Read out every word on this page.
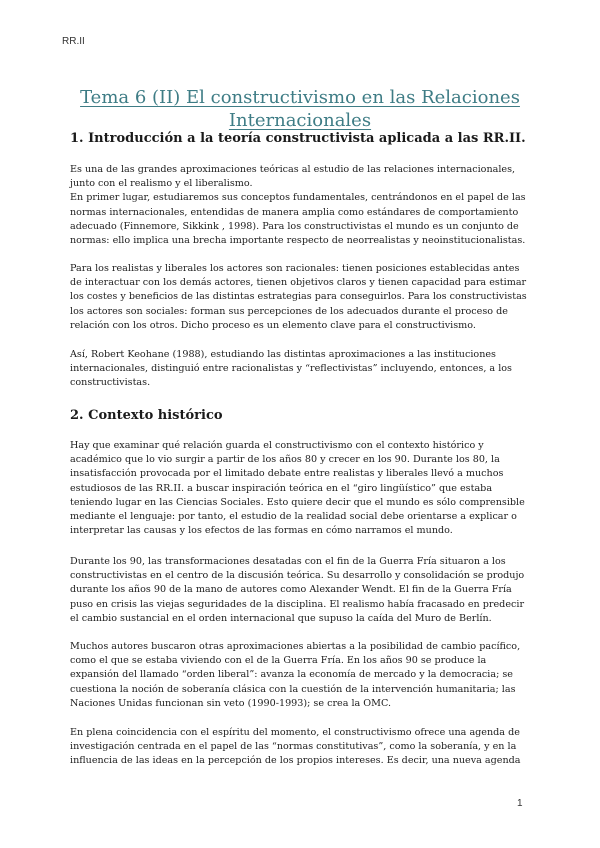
RR.II
Tema 6 (II) El constructivismo en las Relaciones
Internacionales
1. Introducción a la teoría constructivista aplicada a las RR.II.

Es una de las grandes aproximaciones teóricas al estudio de las relaciones internacionales,
junto con el realismo y el liberalismo.
En primer lugar, estudiaremos sus conceptos fundamentales, centrándonos en el papel de las
normas internacionales, entendidas de manera amplia como estándares de comportamiento
adecuado (Finnemore, Sikkink , 1998). Para los constructivistas el mundo es un conjunto de
normas: ello implica una brecha importante respecto de neorrealistas y neoinstitucionalistas.

Para los realistas y liberales los actores son racionales: tienen posiciones establecidas antes
de interactuar con los demás actores, tienen objetivos claros y tienen capacidad para estimar
los costes y beneficios de las distintas estrategias para conseguirlos. Para los constructivistas
los actores son sociales: forman sus percepciones de los adecuados durante el proceso de
relación con los otros. Dicho proceso es un elemento clave para el constructivismo.

Así, Robert Keohane (1988), estudiando las distintas aproximaciones a las instituciones
internacionales, distinguió entre racionalistas y “reflectivistas” incluyendo, entonces, a los
constructivistas.

2. Contexto histórico

Hay que examinar qué relación guarda el constructivismo con el contexto histórico y
académico que lo vio surgir a partir de los años 80 y crecer en los 90. Durante los 80, la
insatisfacción provocada por el limitado debate entre realistas y liberales llevó a muchos
estudiosos de las RR.II. a buscar inspiración teórica en el “giro lingüístico” que estaba
teniendo lugar en las Ciencias Sociales. Esto quiere decir que el mundo es sólo comprensible
mediante el lenguaje: por tanto, el estudio de la realidad social debe orientarse a explicar o
interpretar las causas y los efectos de las formas en cómo narramos el mundo.

Durante los 90, las transformaciones desatadas con el fin de la Guerra Fría situaron a los
constructivistas en el centro de la discusión teórica. Su desarrollo y consolidación se produjo
durante los años 90 de la mano de autores como Alexander Wendt. El fin de la Guerra Fría
puso en crisis las viejas seguridades de la disciplina. El realismo había fracasado en predecir
el cambio sustancial en el orden internacional que supuso la caída del Muro de Berlín.

Muchos autores buscaron otras aproximaciones abiertas a la posibilidad de cambio pacífico,
como el que se estaba viviendo con el de la Guerra Fría. En los años 90 se produce la
expansión del llamado “orden liberal”: avanza la economía de mercado y la democracia; se
cuestiona la noción de soberanía clásica con la cuestión de la intervención humanitaria; las
Naciones Unidas funcionan sin veto (1990-1993); se crea la OMC.

En plena coincidencia con el espíritu del momento, el constructivismo ofrece una agenda de
investigación centrada en el papel de las “normas constitutivas”, como la soberanía, y en la
influencia de las ideas en la percepción de los propios intereses. Es decir, una nueva agenda

1
